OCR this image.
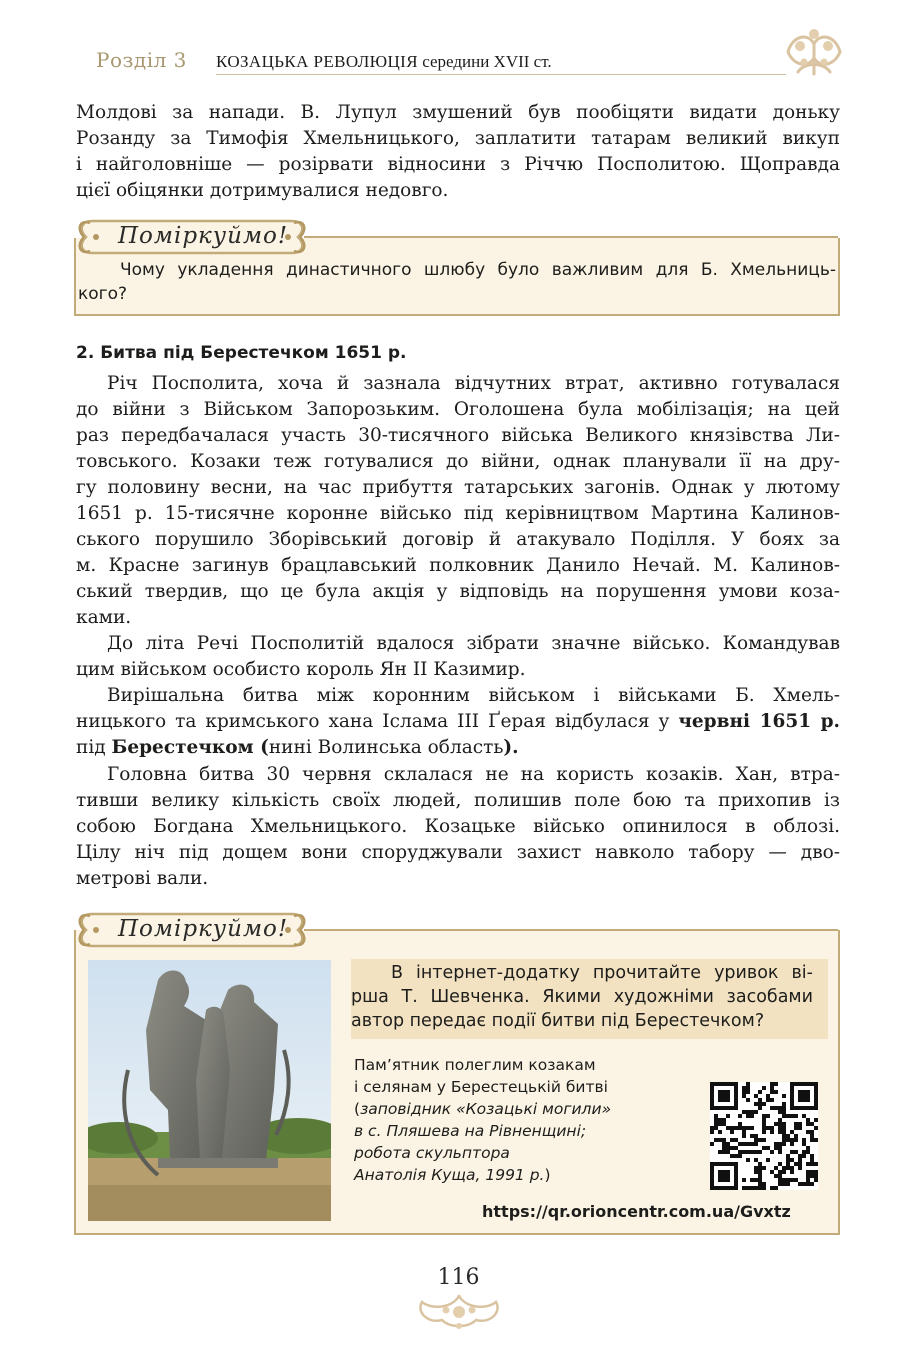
Розділ 3 КОЗАЦЬКА РЕВОЛЮЦІЯ середини XVII ст.
Молдові за напади. В. Лупул змушений був пообіцяти видати доньку
Розанду за Тимофія Хмельницького, заплатити татарам великий викуп
і найголовніше — розірвати відносини з Річчю Посполитою. Щоправда
цієї обіцянки дотримувалися недовго.
Чому укладення династичного шлюбу було важливим для Б. Хмельниць-
кого?
Поміркуймо!
2. Битва під Берестечком 1651 р.
Річ Посполита, хоча й зазнала відчутних втрат, активно готувалася
до війни з Військом Запорозьким. Оголошена була мобілізація; на цей
раз передбачалася участь 30-тисячного війська Великого князівства Ли-
товського. Козаки теж готувалися до війни, однак планували її на дру-
гу половину весни, на час прибуття татарських загонів. Однак у лютому
1651 р. 15-тисячне коронне військо під керівництвом Мартина Калинов-
ського порушило Зборівський договір й атакувало Поділля. У боях за
м. Красне загинув брацлавський полковник Данило Нечай. М. Калинов-
ський твердив, що це була акція у відповідь на порушення умови коза-
ками.
До літа Речі Посполитій вдалося зібрати значне військо. Командував
цим військом особисто король Ян ІІ Казимир.
Вирішальна битва між коронним військом і військами Б. Хмель-
ницького та кримського хана Іслама ІІІ Ґерая відбулася у червні 1651 р.
під Берестечком (нині Волинська область).
Головна битва 30 червня склалася не на користь козаків. Хан, втра-
тивши велику кількість своїх людей, полишив поле бою та прихопив із
собою Богдана Хмельницького. Козацьке військо опинилося в облозі.
Цілу ніч під дощем вони споруджували захист навколо табору — дво-
метрові вали.
В інтернет-додатку прочитайте уривок ві-
рша Т. Шевченка. Якими художніми засобами
автор передає події битви під Берестечком?
Пам’ятник полеглим козакам
і селянам у Берестецькій битві
(заповідник «Козацькі могили»
в с. Пляшева на Рівненщині;
робота скульптора
Анатолія Куща, 1991 р.)
https://qr.orioncentr.com.ua/Gvxtz
Поміркуймо!
116
